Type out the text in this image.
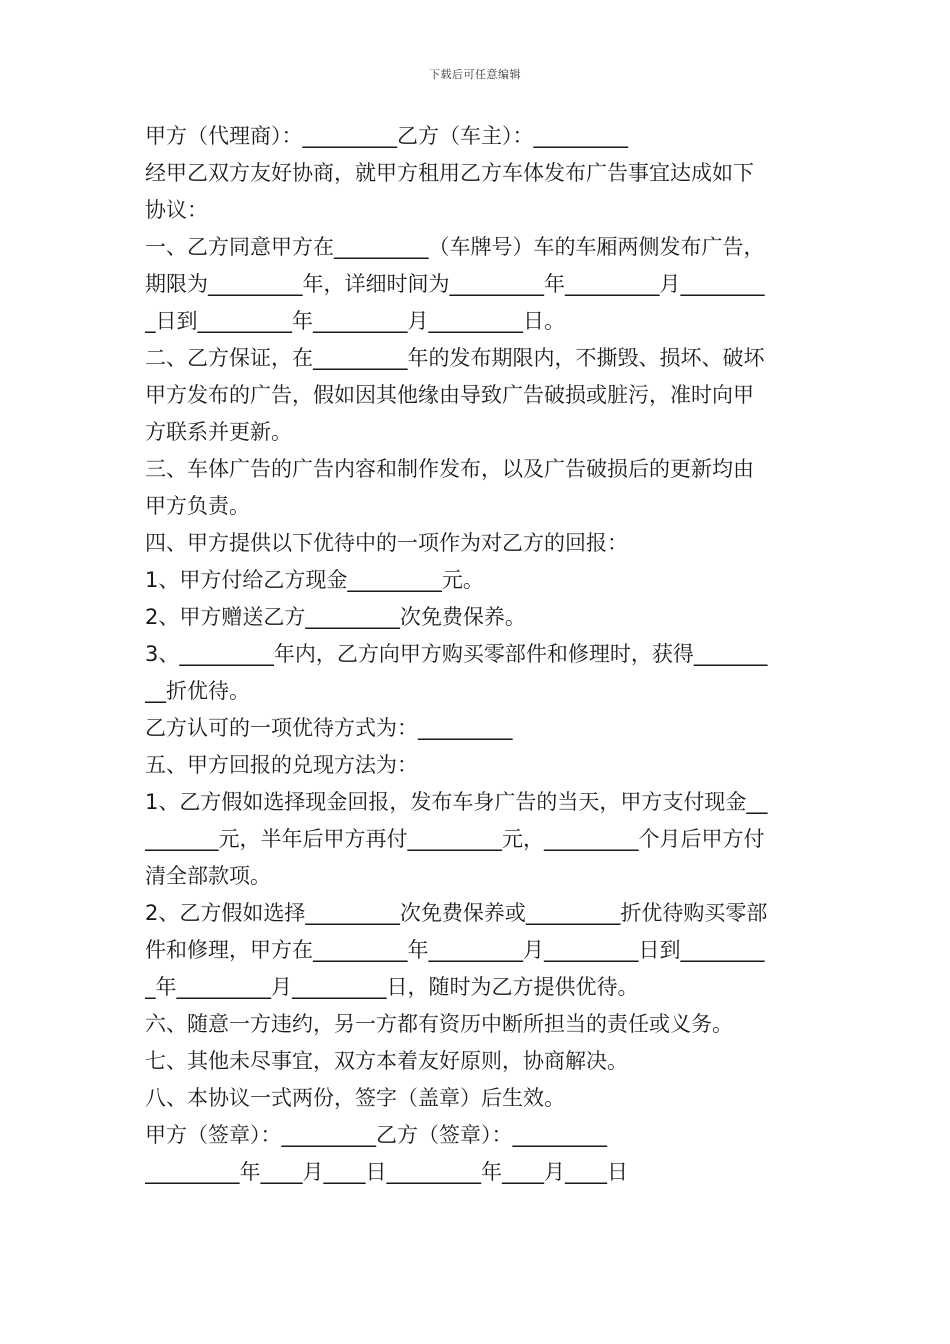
下载后可任意编辑
甲方（代理商）：_________乙方（车主）：_________
经甲乙双方友好协商，就甲方租用乙方车体发布广告事宜达成如下
协议：
一、乙方同意甲方在_________（车牌号）车的车厢两侧发布广告，
期限为_________年，详细时间为_________年_________月________
_日到_________年_________月_________日。
二、乙方保证，在_________年的发布期限内，不撕毁、损坏、破坏
甲方发布的广告，假如因其他缘由导致广告破损或脏污，准时向甲
方联系并更新。
三、车体广告的广告内容和制作发布，以及广告破损后的更新均由
甲方负责。
四、甲方提供以下优待中的一项作为对乙方的回报：
1、甲方付给乙方现金_________元。
2、甲方赠送乙方_________次免费保养。
3、_________年内，乙方向甲方购买零部件和修理时，获得_______
__折优待。
乙方认可的一项优待方式为：_________
五、甲方回报的兑现方法为：
1、乙方假如选择现金回报，发布车身广告的当天，甲方支付现金__
_______元，半年后甲方再付_________元，_________个月后甲方付
清全部款项。
2、乙方假如选择_________次免费保养或_________折优待购买零部
件和修理，甲方在_________年_________月_________日到________
_年_________月_________日，随时为乙方提供优待。
六、随意一方违约，另一方都有资历中断所担当的责任或义务。
七、其他未尽事宜，双方本着友好原则，协商解决。
八、本协议一式两份，签字（盖章）后生效。
甲方（签章）：_________乙方（签章）：_________
_________年____月____日_________年____月____日
